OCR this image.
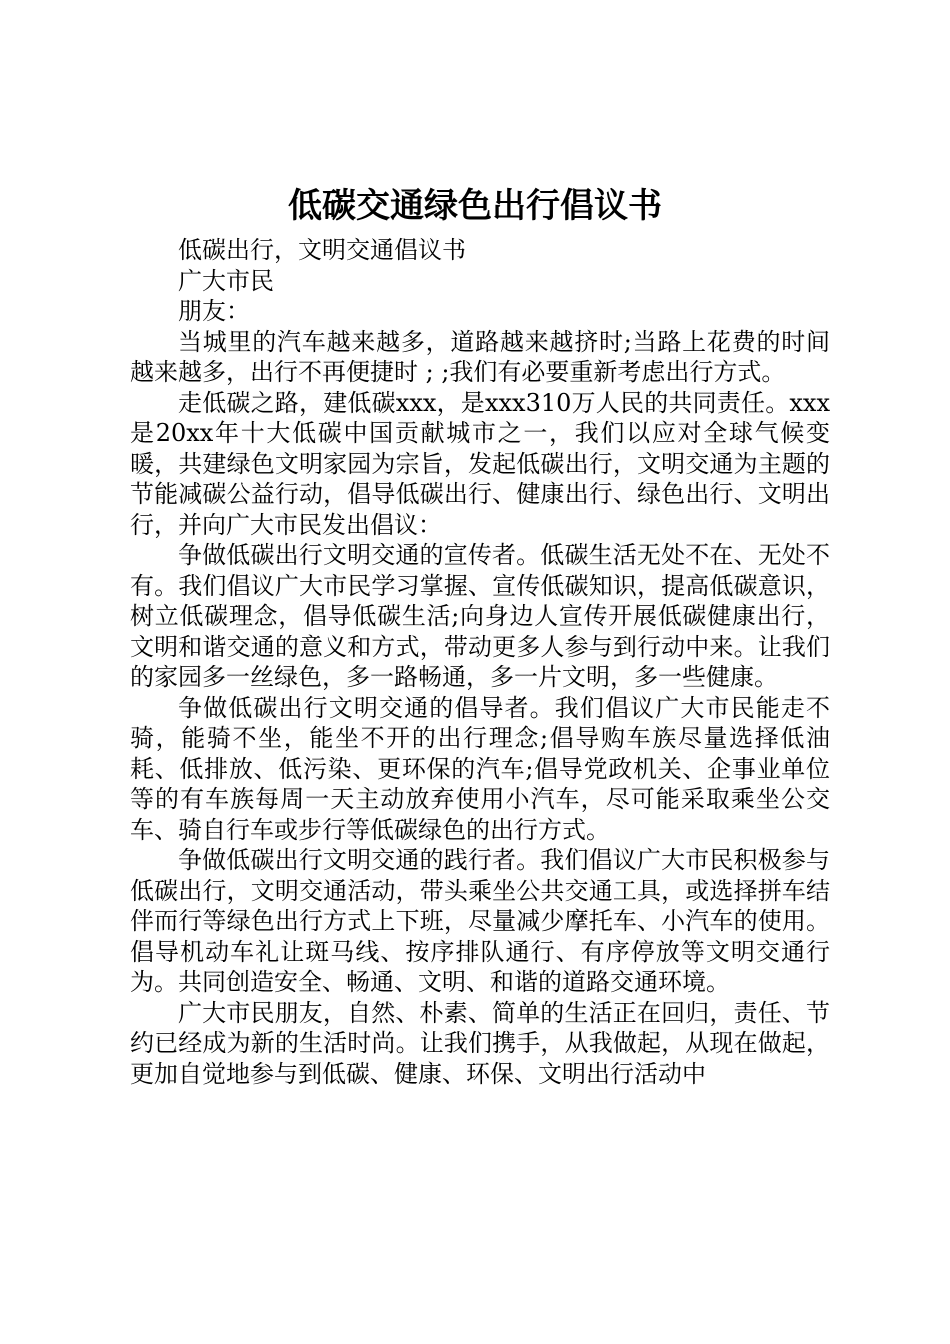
低碳交通绿色出行倡议书

低碳出行，文明交通倡议书

广大市民

朋友：

当城里的汽车越来越多，道路越来越挤时;当路上花费的时间越来越多，出行不再便捷时 ; ;我们有必要重新考虑出行方式。

走低碳之路，建低碳xxx，是xxx310万人民的共同责任。xxx是20xx年十大低碳中国贡献城市之一，我们以应对全球气候变暖，共建绿色文明家园为宗旨，发起低碳出行，文明交通为主题的节能减碳公益行动，倡导低碳出行、健康出行、绿色出行、文明出行，并向广大市民发出倡议：

争做低碳出行文明交通的宣传者。低碳生活无处不在、无处不有。我们倡议广大市民学习掌握、宣传低碳知识，提高低碳意识，树立低碳理念，倡导低碳生活;向身边人宣传开展低碳健康出行，文明和谐交通的意义和方式，带动更多人参与到行动中来。让我们的家园多一丝绿色，多一路畅通，多一片文明，多一些健康。

争做低碳出行文明交通的倡导者。我们倡议广大市民能走不骑，能骑不坐，能坐不开的出行理念;倡导购车族尽量选择低油耗、低排放、低污染、更环保的汽车;倡导党政机关、企事业单位等的有车族每周一天主动放弃使用小汽车，尽可能采取乘坐公交车、骑自行车或步行等低碳绿色的出行方式。

争做低碳出行文明交通的践行者。我们倡议广大市民积极参与低碳出行，文明交通活动，带头乘坐公共交通工具，或选择拼车结伴而行等绿色出行方式上下班，尽量减少摩托车、小汽车的使用。倡导机动车礼让斑马线、按序排队通行、有序停放等文明交通行为。共同创造安全、畅通、文明、和谐的道路交通环境。

广大市民朋友，自然、朴素、简单的生活正在回归，责任、节约已经成为新的生活时尚。让我们携手，从我做起，从现在做起，更加自觉地参与到低碳、健康、环保、文明出行活动中
